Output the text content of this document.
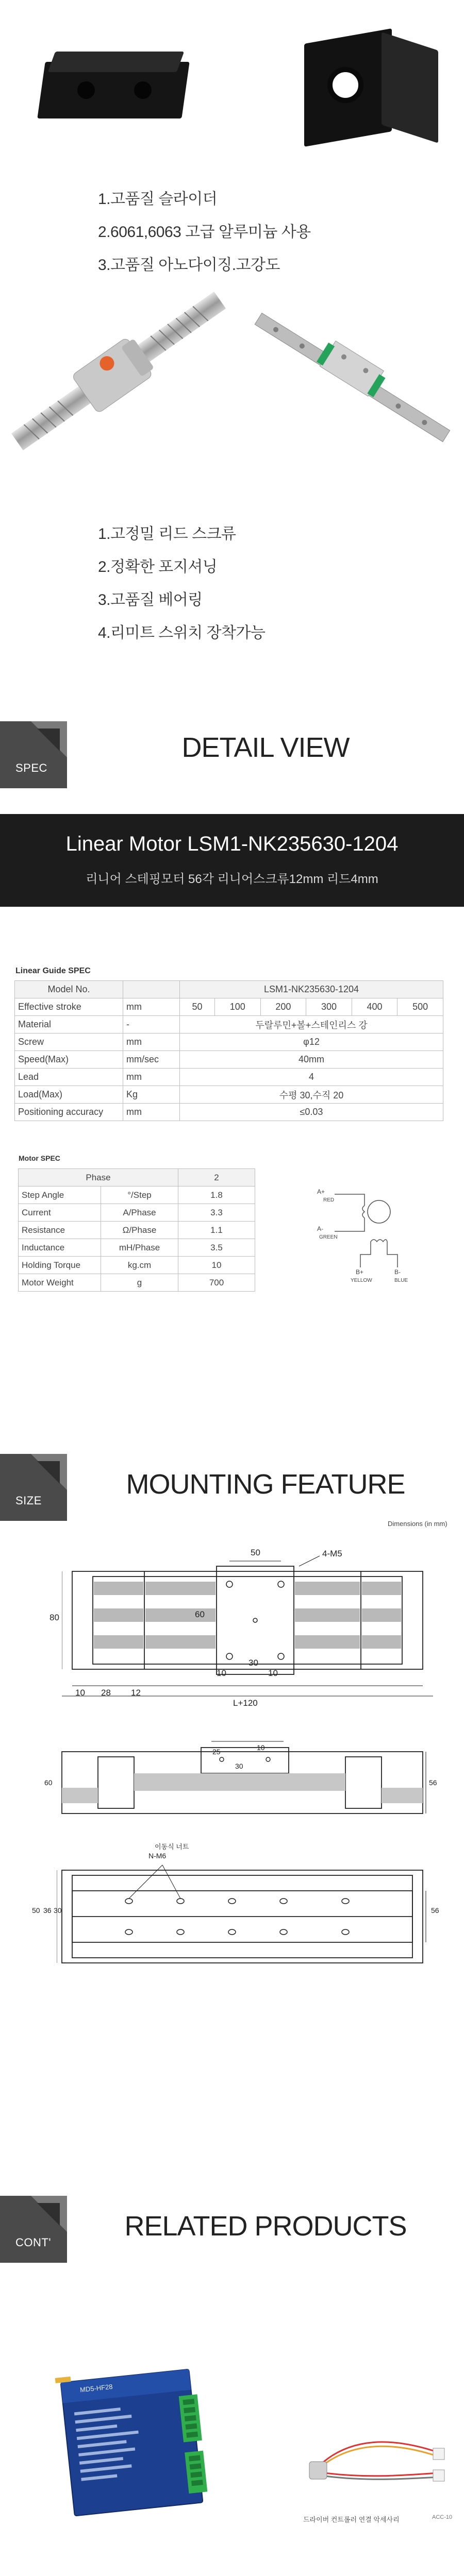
1.고품질 슬라이더
2.6061,6063 고급 알루미늄 사용
3.고품질 아노다이징.고강도
1.고정밀 리드 스크류
2.정확한 포지셔닝
3.고품질 베어링
4.리미트 스위치 장착가능
SPEC
DETAIL VIEW
Linear Motor LSM1-NK235630-1204
리니어 스테핑모터 56각 리니어스크류12mm 리드4mm
Linear Guide SPEC
Model No.		LSM1-NK235630-1204					
Effective stroke	mm	50	100	200	300	400	500
Material	-	두랄루민+볼+스테인리스 강					
Screw	mm	φ12					
Speed(Max)	mm/sec	40mm					
Lead	mm	4					
Load(Max)	Kg	수평 30,수직 20					
Positioning accuracy	mm	≤0.03					
Motor SPEC
Phase		2
Step Angle	°/Step	1.8
Current	A/Phase	3.3
Resistance	Ω/Phase	1.1
Inductance	mH/Phase	3.5
Holding Torque	kg.cm	10
Motor Weight	g	700
A+
RED
A-
GREEN
B+
YELLOW
B-
BLUE
SIZE
MOUNTING FEATURE
Dimensions (in mm)
50	4-M5
80	60
30
10	10
10 28 12
L+120
25	10
30
60	56
이동식 너트
N-M6
50 36 30	56
CONT'
RELATED PRODUCTS
MD5-HF28
드라이버 컨트롤러 연결 악세사리	ACC-10
